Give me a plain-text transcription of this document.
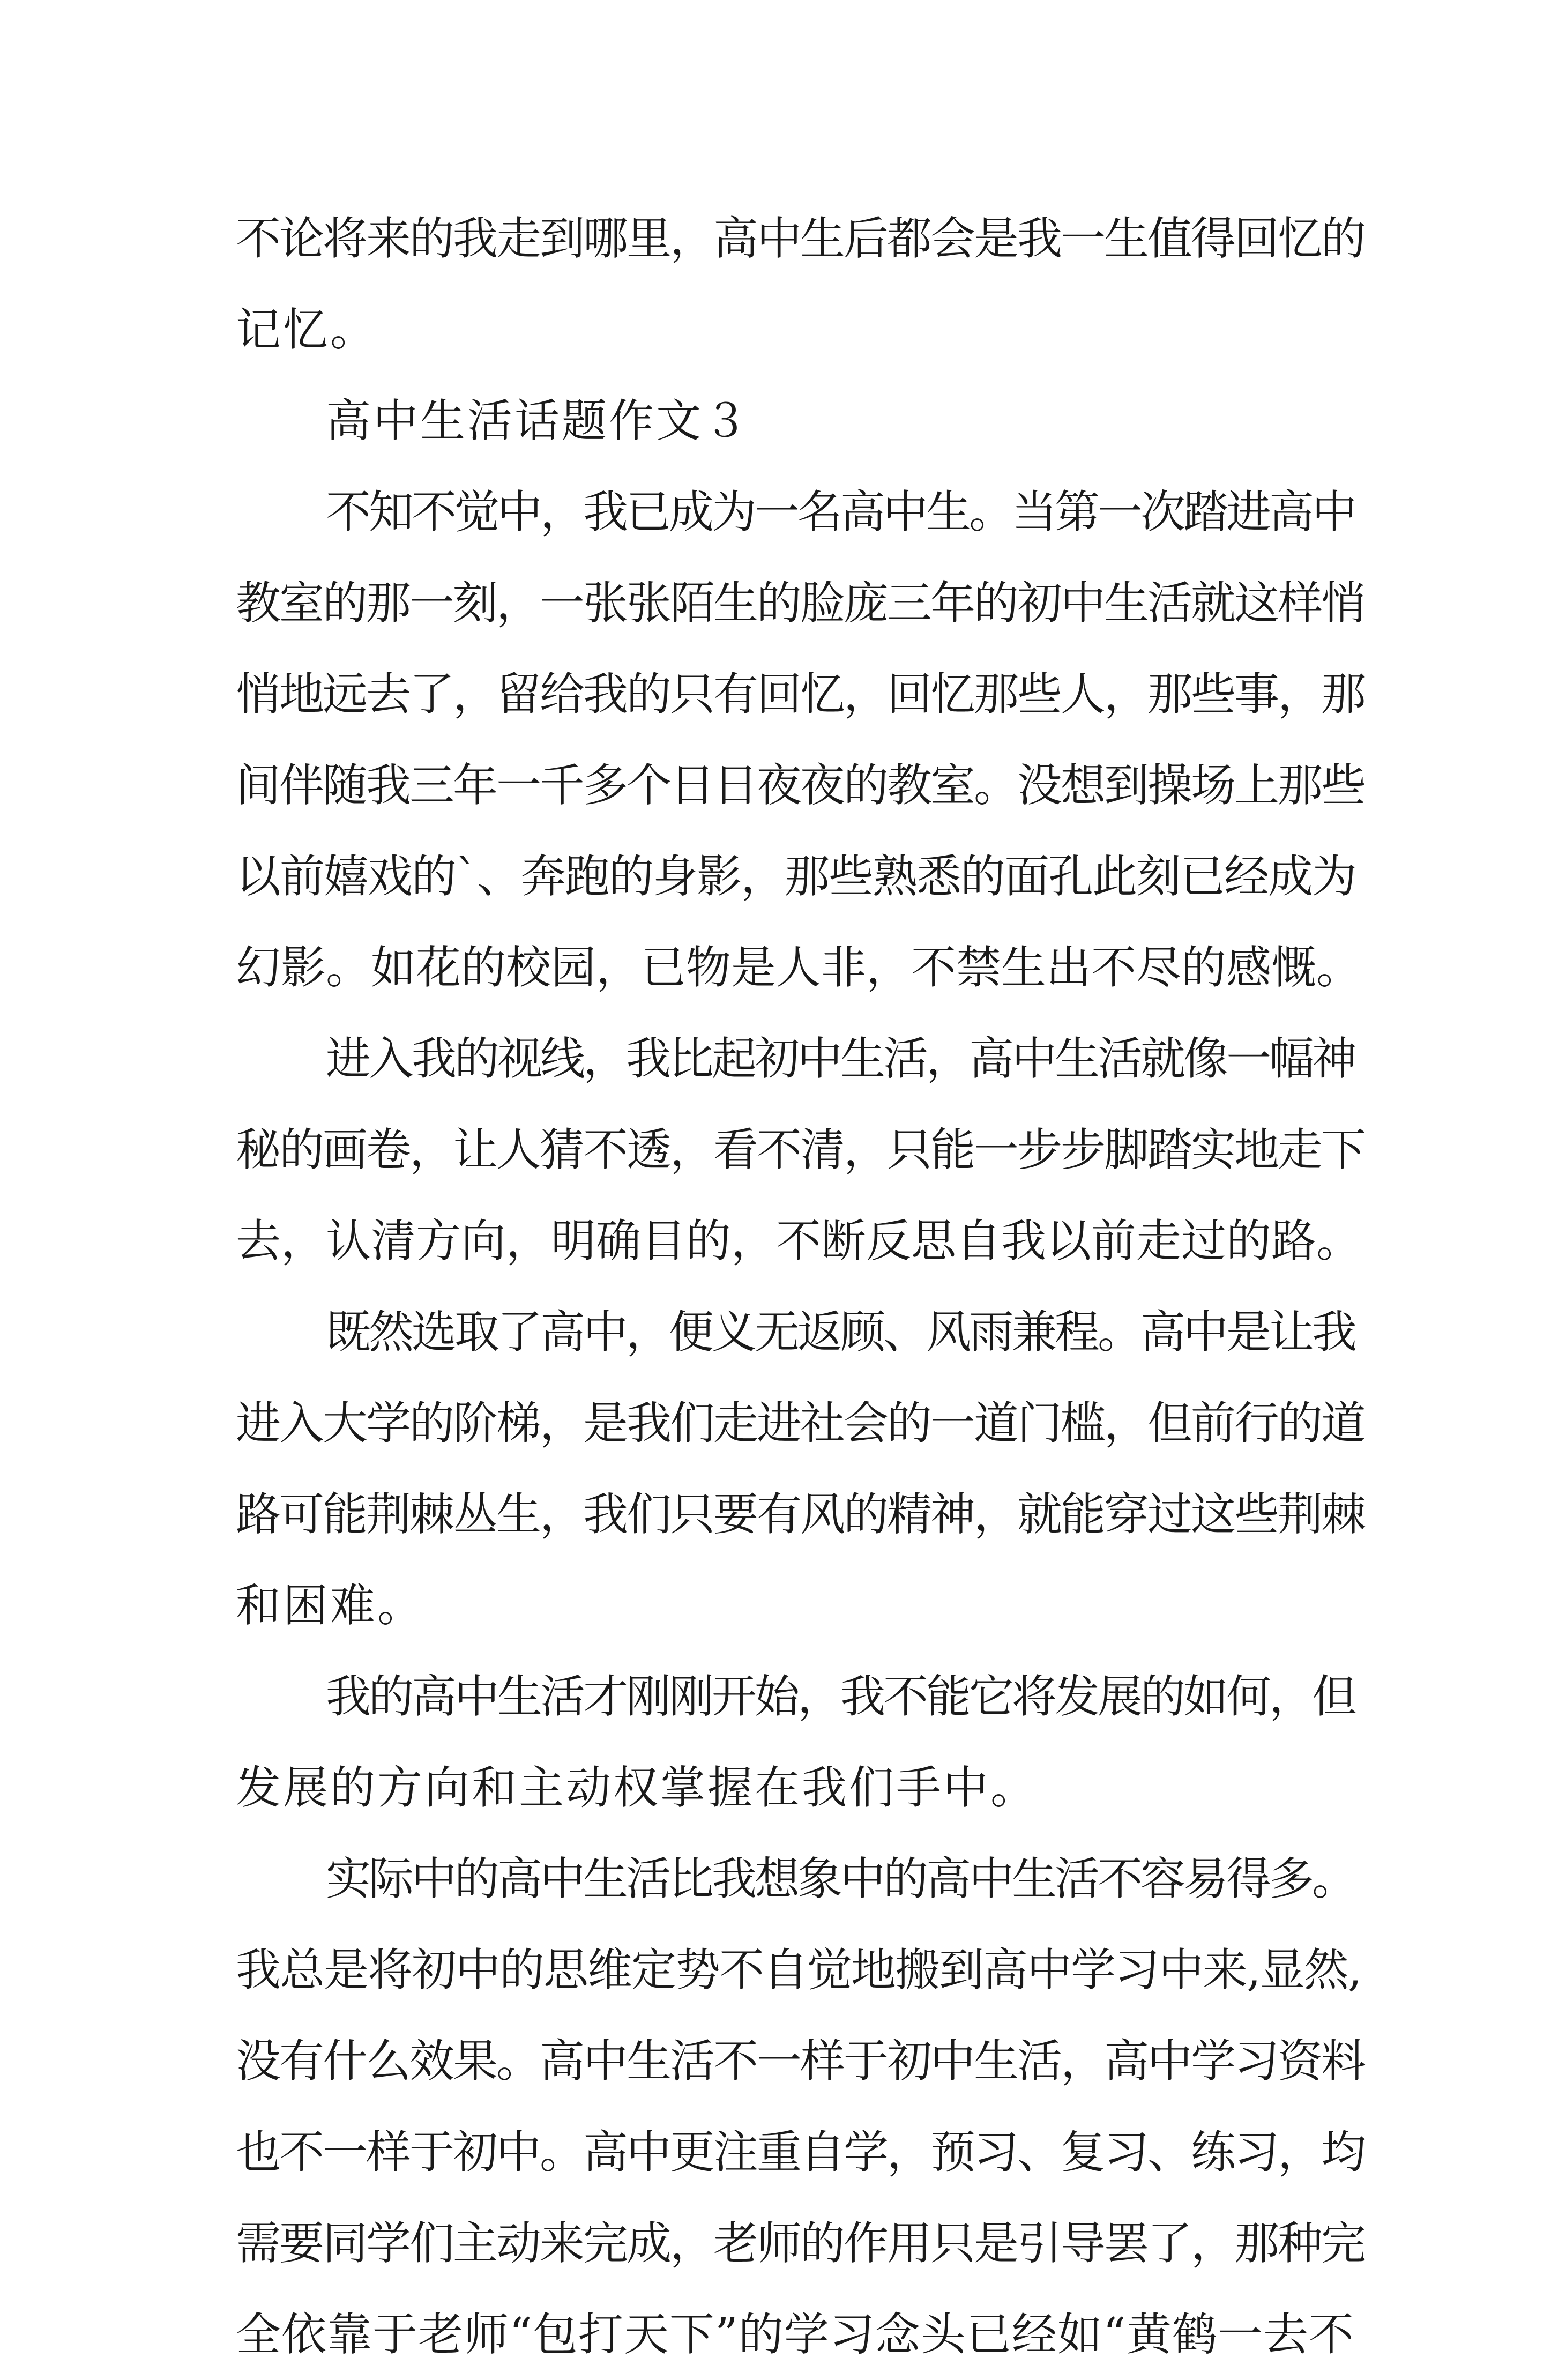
不论将来的我走到哪里，高中生后都会是我一生值得回忆的
记忆。
高中生活话题作文３
不知不觉中，我已成为一名高中生。当第一次踏进高中
教室的那一刻，一张张陌生的脸庞三年的初中生活就这样悄
悄地远去了，留给我的只有回忆，回忆那些人，那些事，那
间伴随我三年一千多个日日夜夜的教室。没想到操场上那些
以前嬉戏的`、奔跑的身影，那些熟悉的面孔此刻已经成为
幻影。如花的校园，已物是人非，不禁生出不尽的感慨。
进入我的视线，我比起初中生活，高中生活就像一幅神
秘的画卷，让人猜不透，看不清，只能一步步脚踏实地走下
去，认清方向，明确目的，不断反思自我以前走过的路。
既然选取了高中，便义无返顾、风雨兼程。高中是让我
进入大学的阶梯，是我们走进社会的一道门槛，但前行的道
路可能荆棘丛生，我们只要有风的精神，就能穿过这些荆棘
和困难。
我的高中生活才刚刚开始，我不能它将发展的如何，但
发展的方向和主动权掌握在我们手中。
实际中的高中生活比我想象中的高中生活不容易得多。
我总是将初中的思维定势不自觉地搬到高中学习中来,显然,
没有什么效果。高中生活不一样于初中生活，高中学习资料
也不一样于初中。高中更注重自学，预习、复习、练习，均
需要同学们主动来完成，老师的作用只是引导罢了，那种完
全依靠于老师“包打天下”的学习念头已经如“黄鹤一去不
